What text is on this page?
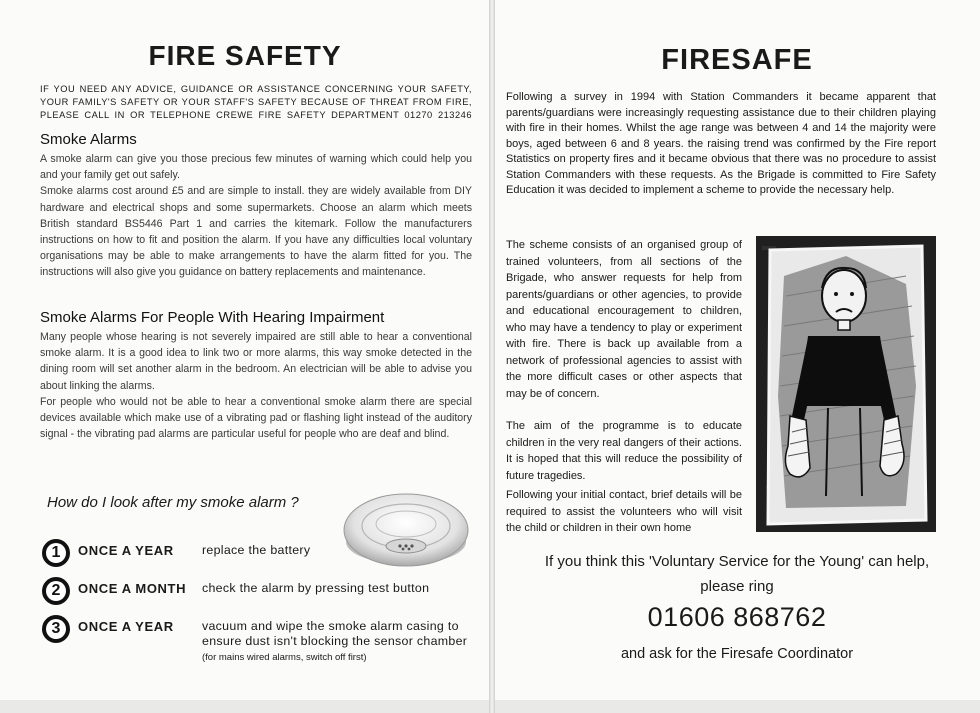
FIRE SAFETY
IF YOU NEED ANY ADVICE, GUIDANCE OR ASSISTANCE CONCERNING YOUR SAFETY, YOUR FAMILY'S SAFETY OR YOUR STAFF'S SAFETY BECAUSE OF THREAT FROM FIRE, PLEASE CALL IN OR TELEPHONE CREWE FIRE SAFETY DEPARTMENT 01270 213246
Smoke Alarms

A smoke alarm can give you those precious few minutes of warning which could help you and your family get out safely.

Smoke alarms cost around £5 and are simple to install. they are widely available from DIY hardware and electrical shops and some supermarkets. Choose an alarm which meets British standard BS5446 Part 1 and carries the kitemark. Follow the manufacturers instructions on how to fit and position the alarm. If you have any difficulties local voluntary organisations may be able to make arrangements to have the alarm fitted for you. The instructions will also give you guidance on battery replacements and maintenance.

Smoke Alarms For People With Hearing Impairment

Many people whose hearing is not severely impaired are still able to hear a conventional smoke alarm. It is a good idea to link two or more alarms, this way smoke detected in the dining room will set another alarm in the bedroom. An electrician will be able to advise you about linking the alarms.

For people who would not be able to hear a conventional smoke alarm there are special devices available which make use of a vibrating pad or flashing light instead of the auditory signal - the vibrating pad alarms are particular useful for people who are deaf and blind.

How do I look after my smoke alarm ?
1	ONCE A YEAR replace the battery
2	ONCE A MONTH check the alarm by pressing test button
3	ONCE A YEAR vacuum and wipe the smoke alarm casing to ensure dust isn't blocking the sensor chamber (for mains wired alarms, switch off first)
FIRESAFE
Following a survey in 1994 with Station Commanders it became apparent that parents/guardians were increasingly requesting assistance due to their children playing with fire in their homes. Whilst the age range was between 4 and 14 the majority were boys, aged between 6 and 8 years. the raising trend was confirmed by the Fire report Statistics on property fires and it became obvious that there was no procedure to assist Station Commanders with these requests. As the Brigade is committed to Fire Safety Education it was decided to implement a scheme to provide the necessary help.
The scheme consists of an organised group of trained volunteers, from all sections of the Brigade, who answer requests for help from parents/guardians or other agencies, to provide and educational encouragement to children, who may have a tendency to play or experiment with fire. There is back up available from a network of professional agencies to assist with the more difficult cases or other aspects that may be of concern.
The aim of the programme is to educate children in the very real dangers of their actions. It is hoped that this will reduce the possibility of future tragedies.
Following your initial contact, brief details will be required to assist the volunteers who will visit the child or children in their own home
If you think this 'Voluntary Service for the Young' can help,
please ring
01606 868762
and ask for the Firesafe Coordinator
